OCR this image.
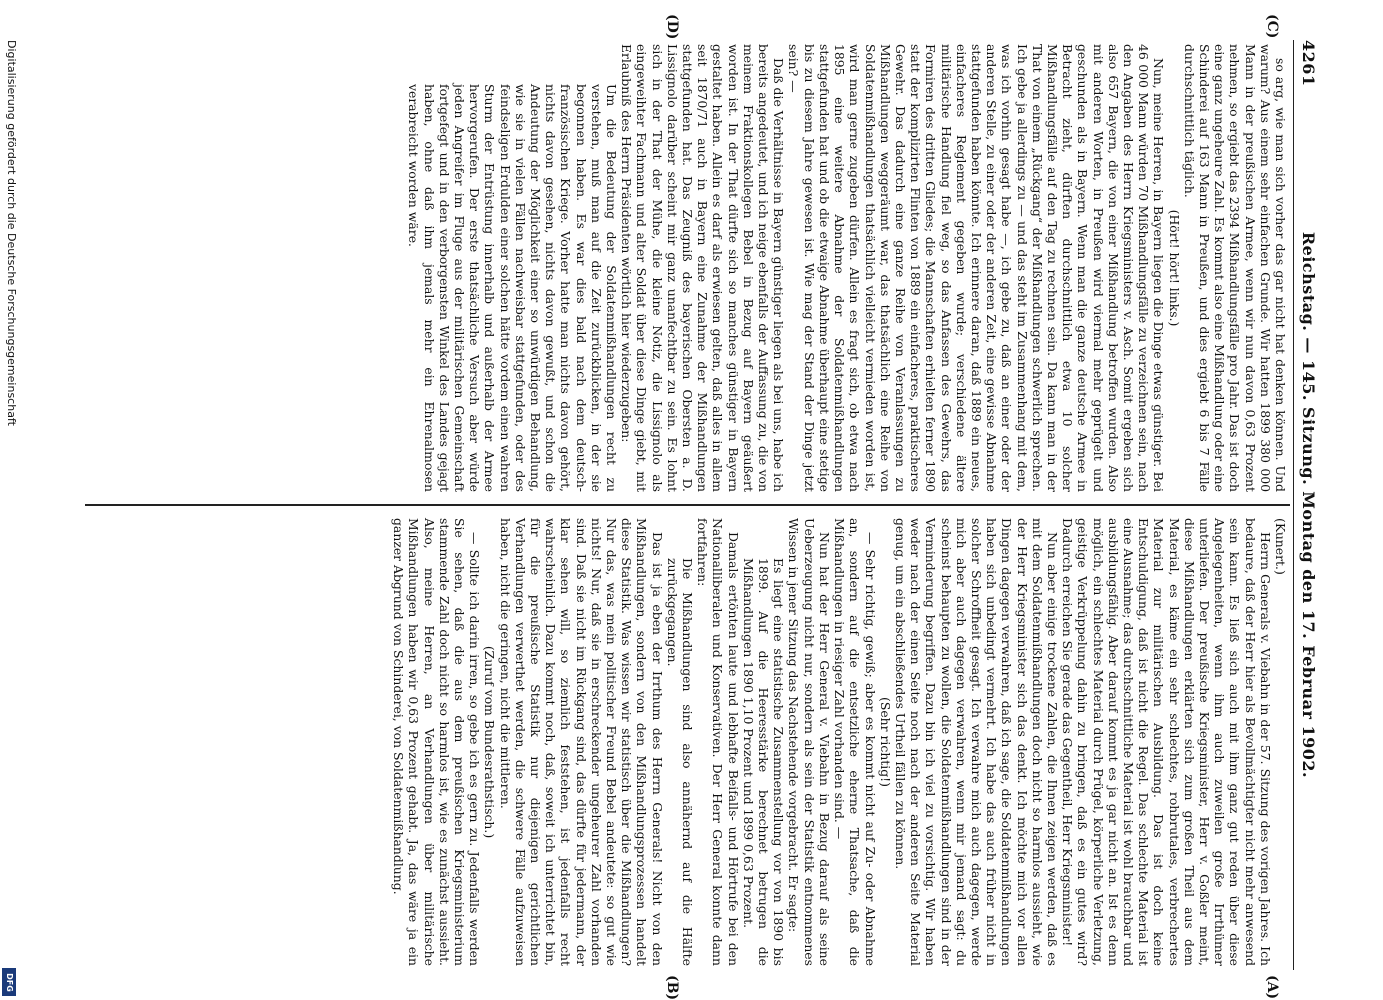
Digitalisierung gefördert durch die Deutsche Forschungsgemeinschaft
DFG
4261
Reichstag. — 145. Sitzung. Montag den 17. Februar 1902.

(Kunert.)

Herrn Generals v. Viebahn in der 57. Sitzung des vorigen Jahres. Ich bedaure, daß der Herr hier als Bevollmächtigter nicht mehr anwesend sein kann. Es ließ sich auch mit ihm ganz gut reden über diese Angelegenheiten, wenn ihm auch zuweilen große Irrthümer unterliefen. Der preußische Kriegsminister, Herr v. Goßler meint, diese Mißhandlungen erklärten sich zum großen Theil aus dem Material, es käme ein sehr schlechtes, rohbrutales, verbrechertes Material zur militärischen Ausbildung. Das ist doch keine Entschuldigung, daß ist nicht die Regel. Das schlechte Material ist eine Ausnahme; das durchschnittliche Material ist wohl brauchbar und ausbildungsfähig. Aber darauf kommt es ja gar nicht an. Ist es denn möglich, ein schlechtes Material durch Prügel, körperliche Verletzung, geistige Verkrüppelung dahin zu bringen, daß es ein gutes wird? Dadurch erreichen Sie gerade das Gegentheil, Herr Kriegsminister!

Nun aber einige trockene Zahlen, die Ihnen zeigen werden, daß es mit dem Soldatenmißhandlungen doch nicht so harmlos aussieht, wie der Herr Kriegsminister sich das denkt. Ich möchte mich vor allen Dingen dagegen verwahren, daß ich sage, die Soldatenmißhandlungen haben sich unbedingt vermehrt. Ich habe das auch früher nicht in solcher Schroffheit gesagt. Ich verwahre mich auch dagegen, werde mich aber auch dagegen verwahren, wenn mir jemand sagt: du scheinst behaupten zu wollen, die Soldatenmißhandlungen sind in der Verminderung begriffen. Dazu bin ich viel zu vorsichtig. Wir haben weder nach der einen Seite noch nach der anderen Seite Material genug, um ein abschließendes Urtheil fällen zu können.

(Sehr richtig!)

— Sehr richtig, gewiß; aber es kommt nicht auf Zu- oder Abnahme an, sondern auf die entsetzliche eherne Thatsache, daß die Mißhandlungen in riesiger Zahl vorhanden sind. —

Nun hat der Herr General v. Viebahn in Bezug darauf als seine Ueberzeugung nicht nur, sondern als sein der Statistik entnommenes Wissen in jener Sitzung das Nachstehende vorgebracht. Er sagte:

Es liegt eine statistische Zusammenstellung vor von 1890 bis 1899. Auf die Heeresstärke berechnet betrugen die Mißhandlungen 1890 1,10 Prozent und 1899 0,63 Prozent.

Damals ertönten laute und lebhafte Beifalls- und Hörtrufe bei den Nationalliberalen und Konservativen. Der Herr General konnte dann fortfahren:

Die Mißhandlungen sind also annähernd auf die Hälfte zurückgegangen.

Das ist ja eben der Irrthum des Herrn Generals! Nicht von den Mißhandlungen, sondern von den Mißhandlungsprozessen handelt diese Statistik. Was wissen wir statistisch über die Mißhandlungen? Nur das, was mein politischer Freund Bebel andeutete: so gut wie nichts! Nur, daß sie in erschreckender ungeheurer Zahl vorhanden sind. Daß sie nicht im Rückgang sind, das dürfte für jedermann, der klar sehen will, so ziemlich feststehen, ist jedenfalls recht wahrscheinlich. Dazu kommt noch, daß, soweit ich unterrichtet bin, für die preußische Statistik nur diejenigen gerichtlichen Verhandlungen verwerthet werden, die schwere Fälle aufzuweisen haben, nicht die geringen, nicht die mittleren.

(Zuruf vom Bundesrathstisch.)

— Sollte ich darin irren, so gebe ich es gern zu. Jedenfalls werden Sie sehen, daß die aus dem preußischen Kriegsministerium stammende Zahl doch nicht so harmlos ist, wie es zunächst aussieht. Also, meine Herren, an Verhandlungen über militärische Mißhandlungen haben wir 0,63 Prozent gehabt. Ja, das wäre ja ein ganzer Abgrund von Schinderei, von Soldatenmißhandlung.

so arg, wie man sich vorher das gar nicht hat denken können. Und warum? Aus einem sehr einfachen Grunde. Wir hatten 1899 380 000 Mann in der preußischen Armee, wenn wir nun davon 0,63 Prozent nehmen, so ergiebt das 2394 Mißhandlungsfälle pro Jahr. Das ist doch eine ganz ungeheure Zahl. Es kommt also eine Mißhandlung oder eine Schinderei auf 163 Mann in Preußen, und dies ergiebt 6 bis 7 Fälle durchschnittlich täglich.

(Hört! hört! links.)

Nun, meine Herren, in Bayern liegen die Dinge etwas günstiger. Bei 46 000 Mann würden 70 Mißhandlungsfälle zu verzeichnen sein, nach den Angaben des Herrn Kriegsministers v. Asch. Somit ergeben sich also 657 Bayern, die von einer Mißhandlung betroffen wurden. Also mit anderen Worten, in Preußen wird viermal mehr geprügelt und geschunden als in Bayern. Wenn man die ganze deutsche Armee in Betracht zieht, dürften durchschnittlich etwa 10 solcher Mißhandlungsfälle auf den Tag zu rechnen sein. Da kann man in der That von einem „Rückgang“ der Mißhandlungen schwerlich sprechen. Ich gebe ja allerdings zu — und das steht im Zusammenhang mit dem, was ich vorhin gesagt habe —, ich gebe zu, daß an einer oder der anderen Stelle, zu einer oder der anderen Zeit, eine gewisse Abnahme stattgefunden haben könnte. Ich erinnere daran, daß 1889 ein neues, einfacheres Reglement gegeben wurde; verschiedene ältere militärische Handlung fiel weg, so das Anfassen des Gewehrs, das Formiren des dritten Gliedes; die Mannschaften erhielten ferner 1890 statt der komplizirten Flinten von 1889 ein einfacheres, praktischeres Gewehr. Das dadurch eine ganze Reihe von Veranlassungen zu Mißhandlungen weggeräumt war, das thatsächlich eine Reihe von Soldatenmißhandlungen thatsächlich vielleicht vermieden worden ist, wird man gerne zugeben dürfen. Allein es fragt sich, ob etwa nach 1895 eine weitere Abnahme der Soldatenmißhandlungen stattgefunden hat und ob die etwaige Abnahme überhaupt eine stetige bis zu diesem Jahre gewesen ist. Wie mag der Stand der Dinge jetzt sein? —

Daß die Verhältnisse in Bayern günstiger liegen als bei uns, habe ich bereits angedeutet, und ich neige ebenfalls der Auffassung zu, die von meinem Fraktionskollegen Bebel in Bezug auf Bayern geäußert worden ist. In der That dürfte sich so manches günstiger in Bayern gestaltet haben. Allein es darf als erwiesen gelten, daß alles in allem seit 1870/71 auch in Bayern eine Zunahme der Mißhandlungen stattgefunden hat. Das Zeugniß des bayerischen Obersten a. D. Lissignolo darüber scheint mir ganz unanfechtbar zu sein. Es lohnt sich in der That der Mühe, die kleine Notiz, die Lissignolo als eingeweihter Fachmann und alter Soldat über diese Dinge giebt, mit Erlaubniß des Herrn Präsidenten wörtlich hier wiederzugeben:

Um die Bedeutung der Soldatenmißhandlungen recht zu verstehen, muß man auf die Zeit zurückblicken, in der sie begonnen haben. Es war dies bald nach dem deutsch-französischen Kriege. Vorher hatte man nichts davon gehört, nichts davon gesehen, nichts davon gewußt, und schon die Andeutung der Möglichkeit einer so unwürdigen Behandlung, wie sie in vielen Fällen nachweisbar stattgefunden, oder des feindseligen Erdulden einer solchen hätte vordem einen wahren Sturm der Entrüstung innerhalb und außerhalb der Armee hervorgerufen. Der erste thatsächliche Versuch aber würde jeden Angreifer im Fluge aus der militärischen Gemeinschaft fortgefegt und in den verborgensten Winkel des Landes gejagt haben, ohne daß ihm jemals mehr ein Ehrenalmosen verabreicht worden wäre.

(A)
(B)
(C)
(D)
